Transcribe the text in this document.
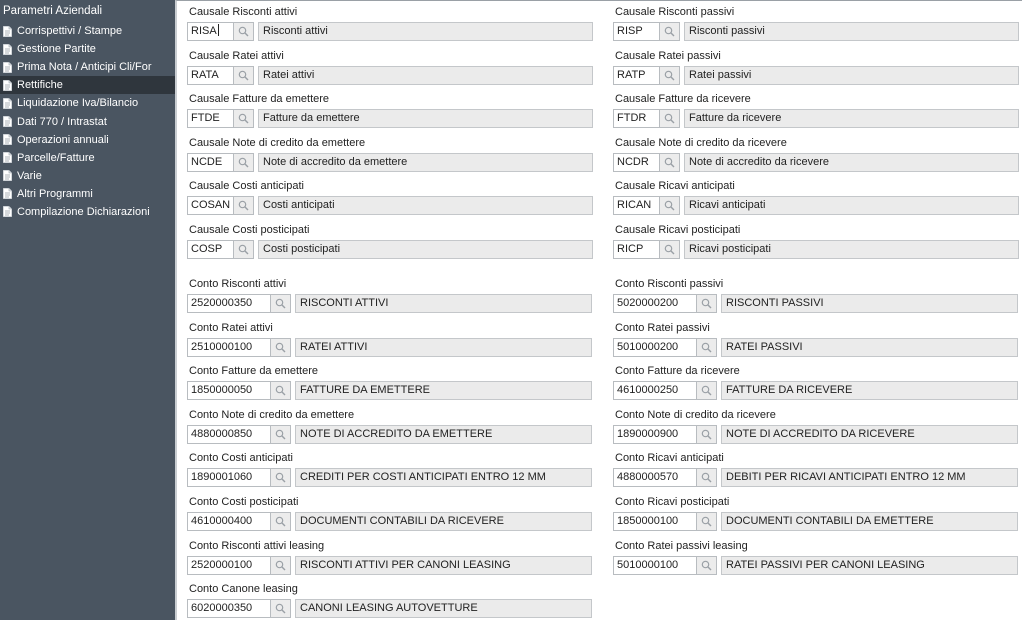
Parametri Aziendali
Corrispettivi / Stampe
Gestione Partite
Prima Nota / Anticipi Cli/For
Rettifiche
Liquidazione Iva/Bilancio
Dati 770 / Intrastat
Operazioni annuali
Parcelle/Fatture
Varie
Altri Programmi
Compilazione Dichiarazioni
Causale Risconti attivi
RISA	Risconti attivi
Causale Ratei attivi
RATA	Ratei attivi
Causale Fatture da emettere
FTDE	Fatture da emettere
Causale Note di credito da emettere
NCDE	Note di accredito da emettere
Causale Costi anticipati
COSAN	Costi anticipati
Causale Costi posticipati
COSP	Costi posticipati
Causale Risconti passivi
RISP	Risconti passivi
Causale Ratei passivi
RATP	Ratei passivi
Causale Fatture da ricevere
FTDR	Fatture da ricevere
Causale Note di credito da ricevere
NCDR	Note di accredito da ricevere
Causale Ricavi anticipati
RICAN	Ricavi anticipati
Causale Ricavi posticipati
RICP	Ricavi posticipati
Conto Risconti attivi
2520000350	RISCONTI ATTIVI
Conto Ratei attivi
2510000100	RATEI ATTIVI
Conto Fatture da emettere
1850000050	FATTURE DA EMETTERE
Conto Note di credito da emettere
4880000850	NOTE DI ACCREDITO DA EMETTERE
Conto Costi anticipati
1890001060	CREDITI PER COSTI ANTICIPATI ENTRO 12 MM
Conto Costi posticipati
4610000400	DOCUMENTI CONTABILI DA RICEVERE
Conto Risconti attivi leasing
2520000100	RISCONTI ATTIVI PER CANONI LEASING
Conto Canone leasing
6020000350	CANONI LEASING AUTOVETTURE
Conto Risconti passivi
5020000200	RISCONTI PASSIVI
Conto Ratei passivi
5010000200	RATEI PASSIVI
Conto Fatture da ricevere
4610000250	FATTURE DA RICEVERE
Conto Note di credito da ricevere
1890000900	NOTE DI ACCREDITO DA RICEVERE
Conto Ricavi anticipati
4880000570	DEBITI PER RICAVI ANTICIPATI ENTRO 12 MM
Conto Ricavi posticipati
1850000100	DOCUMENTI CONTABILI DA EMETTERE
Conto Ratei passivi leasing
5010000100	RATEI PASSIVI PER CANONI LEASING
